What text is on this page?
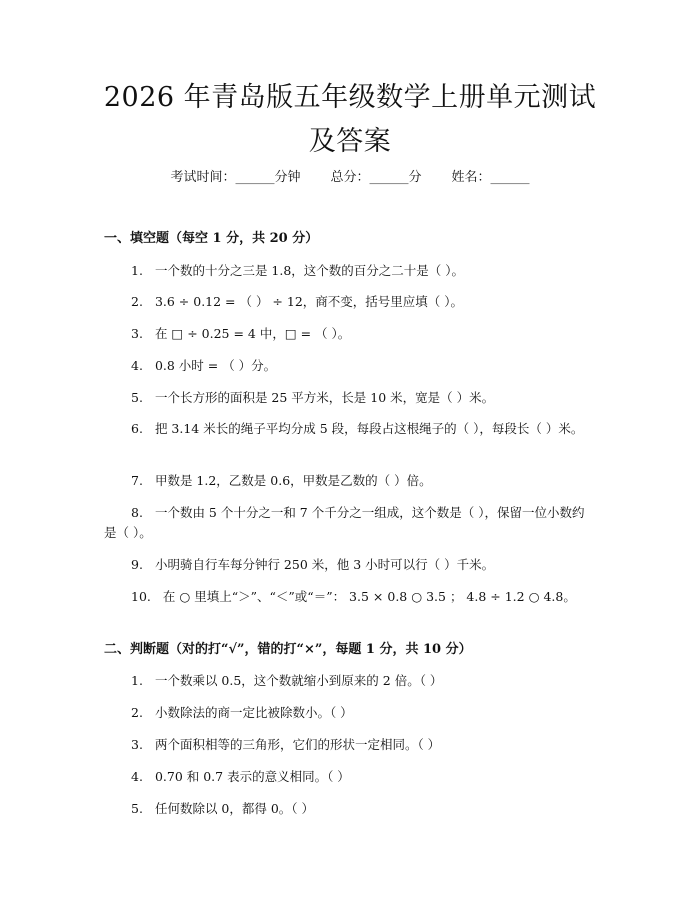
2026 年青岛版五年级数学上册单元测试及答案
考试时间：______分钟 总分：______分 姓名：______
一、填空题（每空 1 分，共 20 分）
1. 一个数的十分之三是 1.8，这个数的百分之二十是（ ）。
2. 3.6 ÷ 0.12 = （ ） ÷ 12，商不变，括号里应填（ ）。
3. 在 □ ÷ 0.25 = 4 中，□ = （ ）。
4. 0.8 小时 = （ ）分。
5. 一个长方形的面积是 25 平方米，长是 10 米，宽是（ ）米。
6. 把 3.14 米长的绳子平均分成 5 段，每段占这根绳子的（ ），每段长（ ）米。
7. 甲数是 1.2，乙数是 0.6，甲数是乙数的（ ）倍。
8. 一个数由 5 个十分之一和 7 个千分之一组成，这个数是（ ），保留一位小数约是（ ）。
9. 小明骑自行车每分钟行 250 米，他 3 小时可以行（ ）千米。
10. 在 ○ 里填上“＞”、“＜”或“＝”： 3.5 × 0.8 ○ 3.5 ； 4.8 ÷ 1.2 ○ 4.8。
二、判断题（对的打“√”，错的打“×”，每题 1 分，共 10 分）
1. 一个数乘以 0.5，这个数就缩小到原来的 2 倍。（ ）
2. 小数除法的商一定比被除数小。（ ）
3. 两个面积相等的三角形，它们的形状一定相同。（ ）
4. 0.70 和 0.7 表示的意义相同。（ ）
5. 任何数除以 0，都得 0。（ ）
